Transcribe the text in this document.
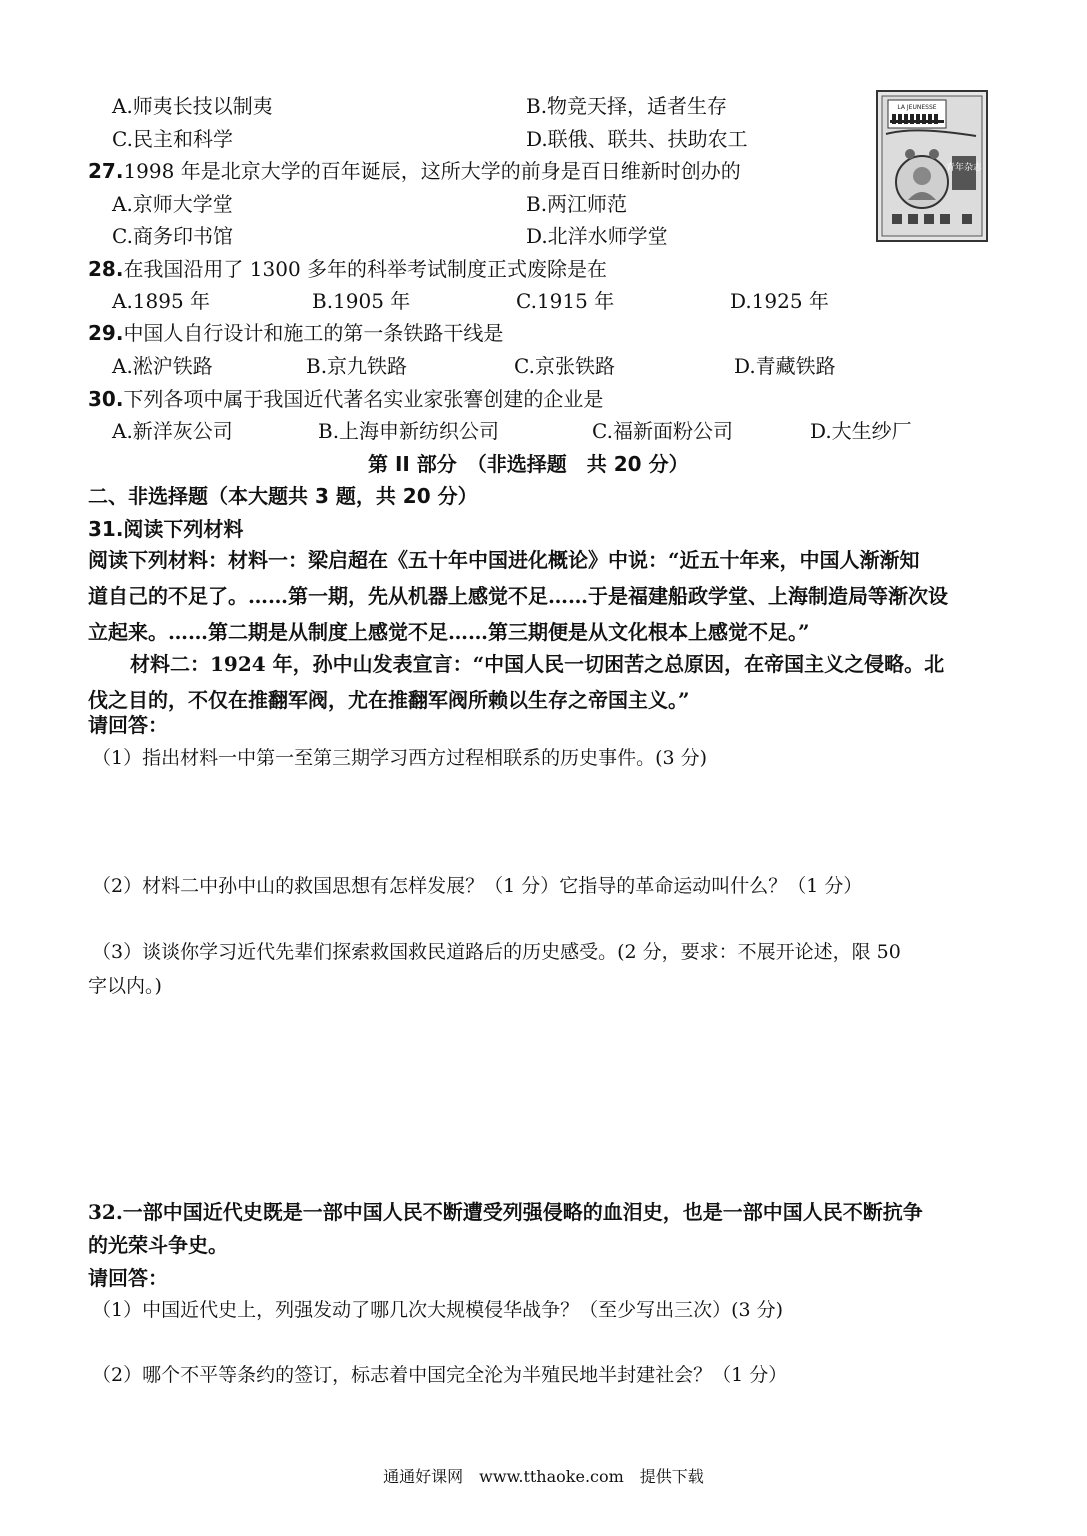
A.师夷长技以制夷	B.物竞天择，适者生存
C.民主和科学	D.联俄、联共、扶助农工
LA JEUNESSE
青年杂志
27.1998 年是北京大学的百年诞辰，这所大学的前身是百日维新时创办的
A.京师大学堂	B.两江师范
C.商务印书馆	D.北洋水师学堂
28.在我国沿用了 1300 多年的科举考试制度正式废除是在
A.1895 年	B.1905 年	C.1915 年	D.1925 年
29.中国人自行设计和施工的第一条铁路干线是
A.淞沪铁路	B.京九铁路	C.京张铁路	D.青藏铁路
30.下列各项中属于我国近代著名实业家张謇创建的企业是
A.新洋灰公司	B.上海申新纺织公司	C.福新面粉公司	D.大生纱厂
第 II 部分　（非选择题　共 20 分）
二、非选择题（本大题共 3 题，共 20 分）
31.阅读下列材料
阅读下列材料：材料一：梁启超在《五十年中国进化概论》中说：“近五十年来，中国人渐渐知
道自己的不足了。……第一期，先从机器上感觉不足……于是福建船政学堂、上海制造局等渐次设
立起来。……第二期是从制度上感觉不足……第三期便是从文化根本上感觉不足。”
材料二：1924 年，孙中山发表宣言：“中国人民一切困苦之总原因，在帝国主义之侵略。北
伐之目的，不仅在推翻军阀，尤在推翻军阀所赖以生存之帝国主义。”
请回答：
（1）指出材料一中第一至第三期学习西方过程相联系的历史事件。(3 分)
（2）材料二中孙中山的救国思想有怎样发展？（1 分）它指导的革命运动叫什么？（1 分）
（3）谈谈你学习近代先辈们探索救国救民道路后的历史感受。(2 分，要求：不展开论述，限 50
字以内。)
32.一部中国近代史既是一部中国人民不断遭受列强侵略的血泪史，也是一部中国人民不断抗争
的光荣斗争史。
请回答：
（1）中国近代史上，列强发动了哪几次大规模侵华战争？（至少写出三次）(3 分)
（2）哪个不平等条约的签订，标志着中国完全沦为半殖民地半封建社会？（1 分）
通通好课网　www.tthaoke.com　提供下载
